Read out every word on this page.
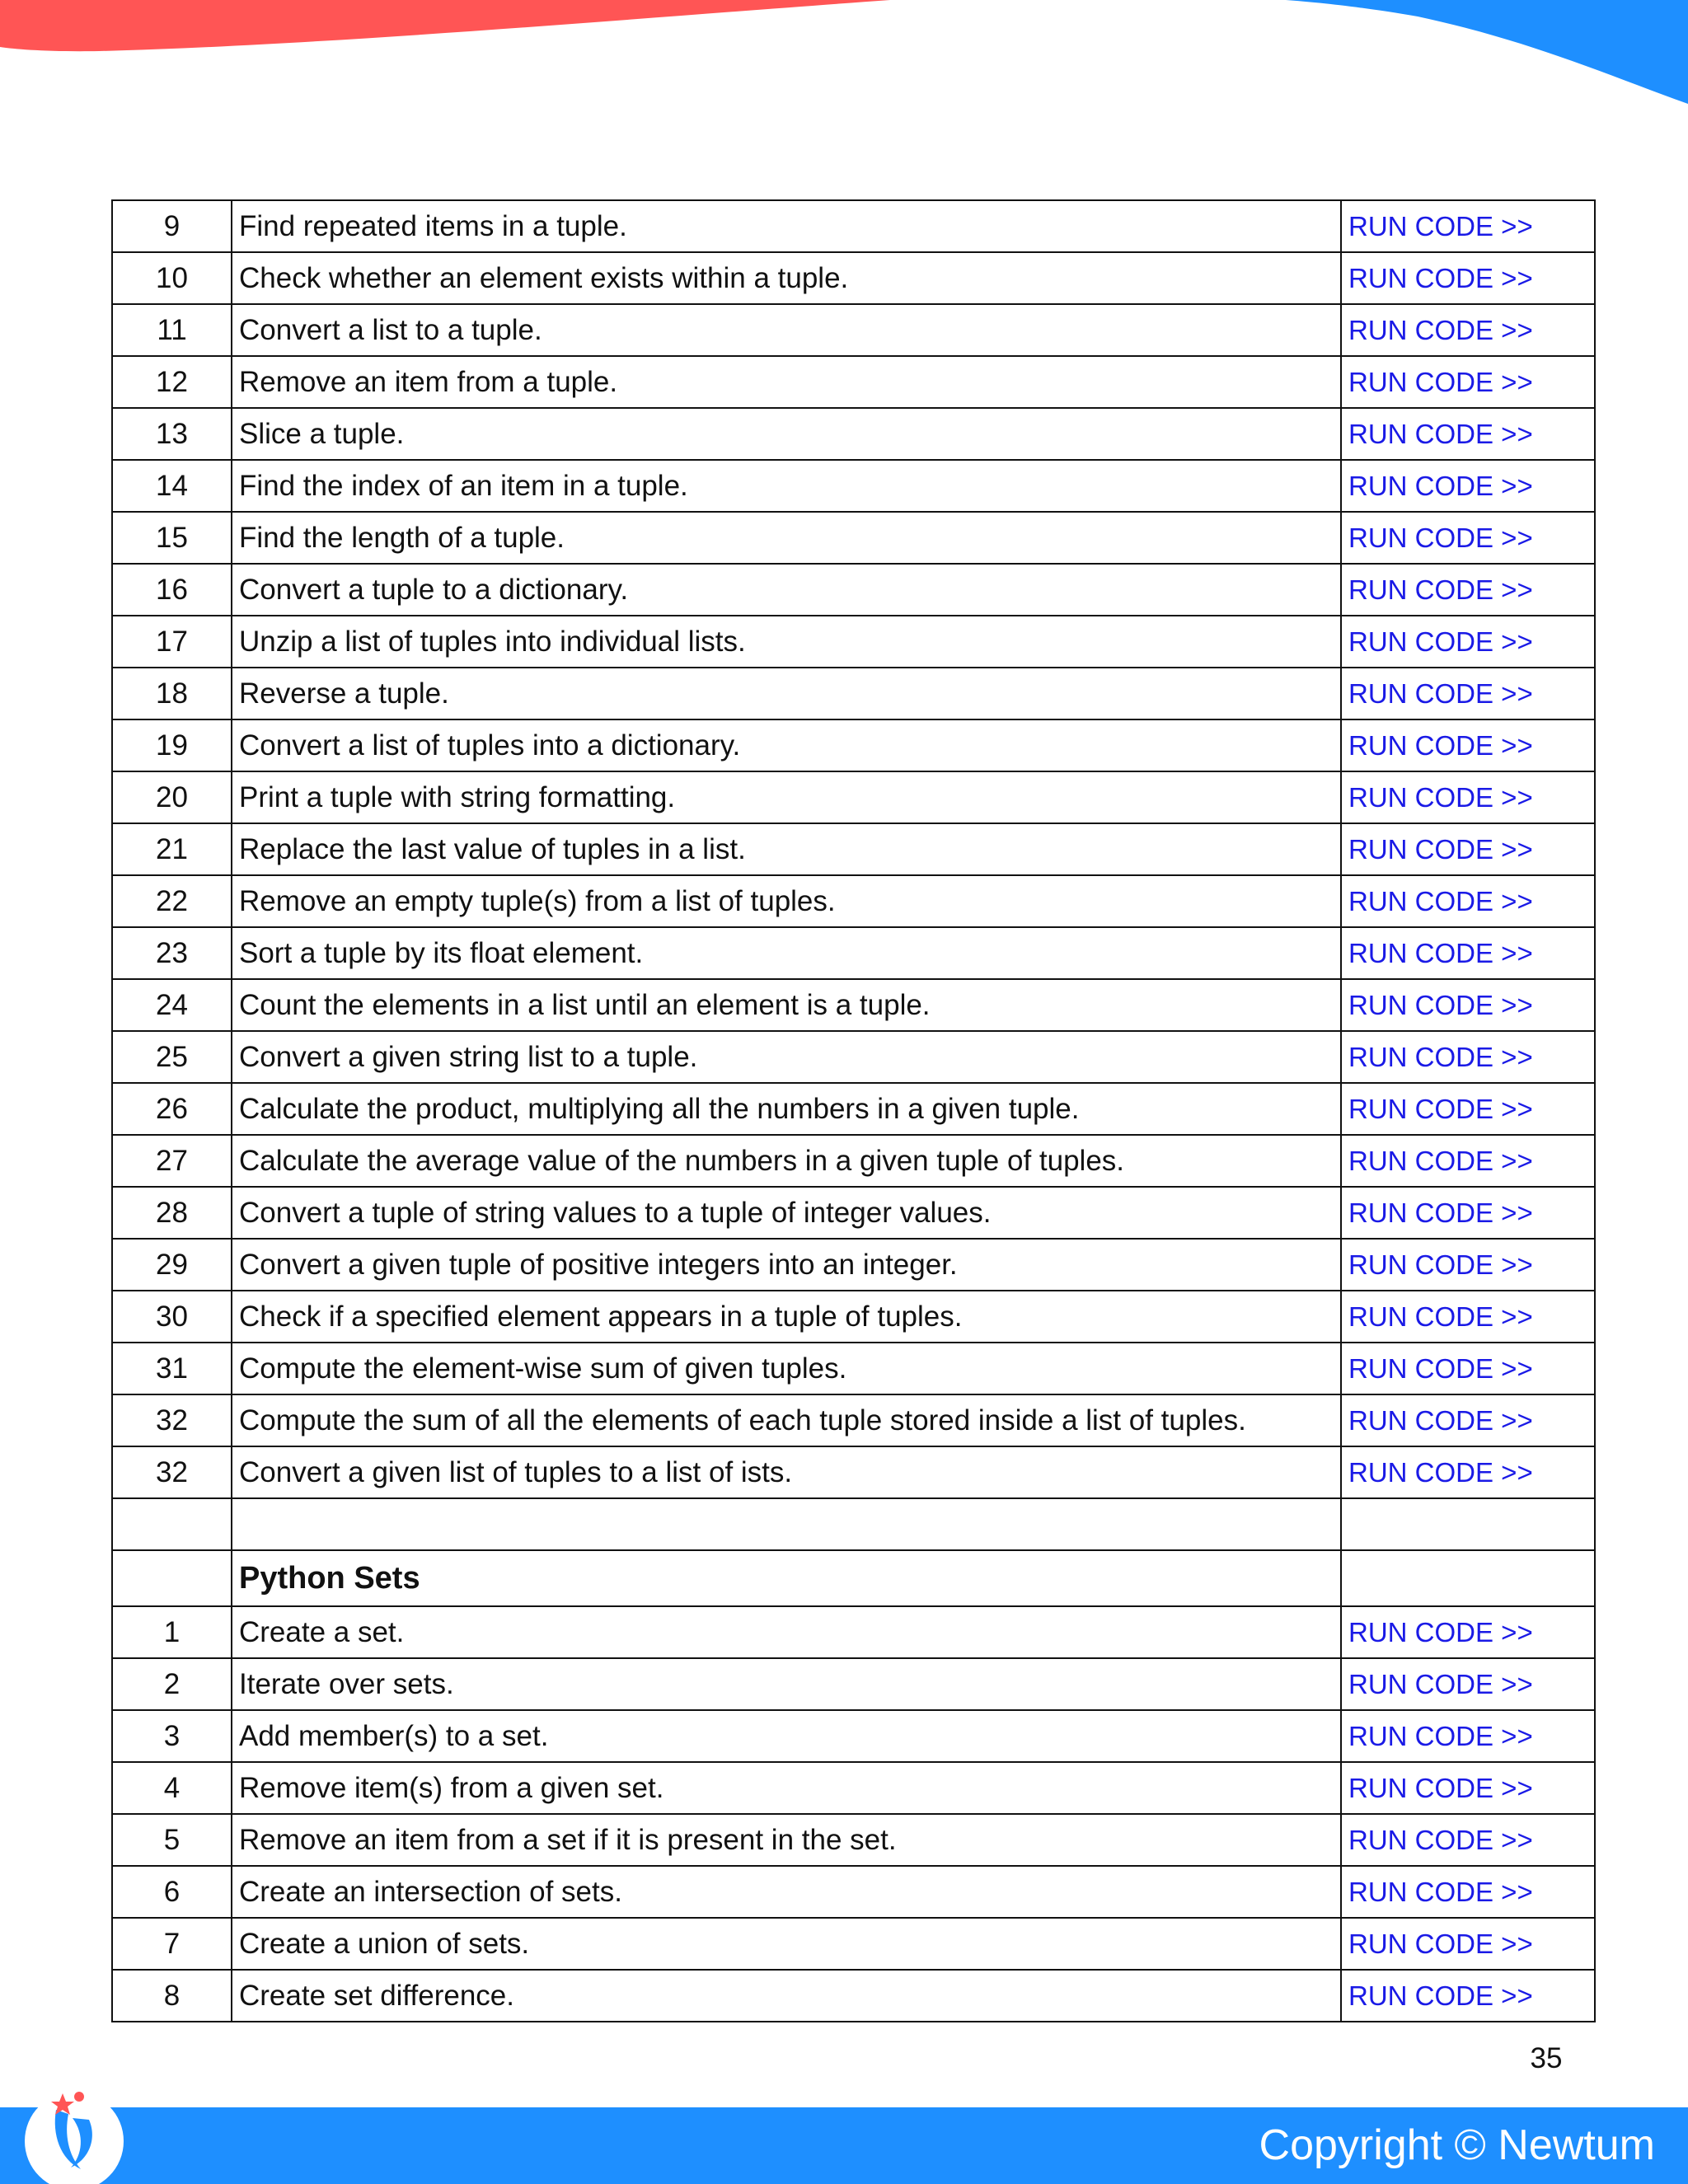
9	Find repeated items in a tuple.	RUN CODE >>
10	Check whether an element exists within a tuple.	RUN CODE >>
11	Convert a list to a tuple.	RUN CODE >>
12	Remove an item from a tuple.	RUN CODE >>
13	Slice a tuple.	RUN CODE >>
14	Find the index of an item in a tuple.	RUN CODE >>
15	Find the length of a tuple.	RUN CODE >>
16	Convert a tuple to a dictionary.	RUN CODE >>
17	Unzip a list of tuples into individual lists.	RUN CODE >>
18	Reverse a tuple.	RUN CODE >>
19	Convert a list of tuples into a dictionary.	RUN CODE >>
20	Print a tuple with string formatting.	RUN CODE >>
21	Replace the last value of tuples in a list.	RUN CODE >>
22	Remove an empty tuple(s) from a list of tuples.	RUN CODE >>
23	Sort a tuple by its float element.	RUN CODE >>
24	Count the elements in a list until an element is a tuple.	RUN CODE >>
25	Convert a given string list to a tuple.	RUN CODE >>
26	Calculate the product, multiplying all the numbers in a given tuple.	RUN CODE >>
27	Calculate the average value of the numbers in a given tuple of tuples.	RUN CODE >>
28	Convert a tuple of string values to a tuple of integer values.	RUN CODE >>
29	Convert a given tuple of positive integers into an integer.	RUN CODE >>
30	Check if a specified element appears in a tuple of tuples.	RUN CODE >>
31	Compute the element-wise sum of given tuples.	RUN CODE >>
32	Compute the sum of all the elements of each tuple stored inside a list of tuples.	RUN CODE >>
32	Convert a given list of tuples to a list of ists.	RUN CODE >>

	Python Sets	
1	Create a set.	RUN CODE >>
2	Iterate over sets.	RUN CODE >>
3	Add member(s) to a set.	RUN CODE >>
4	Remove item(s) from a given set.	RUN CODE >>
5	Remove an item from a set if it is present in the set.	RUN CODE >>
6	Create an intersection of sets.	RUN CODE >>
7	Create a union of sets.	RUN CODE >>
8	Create set difference.	RUN CODE >>
35
Copyright © Newtum
